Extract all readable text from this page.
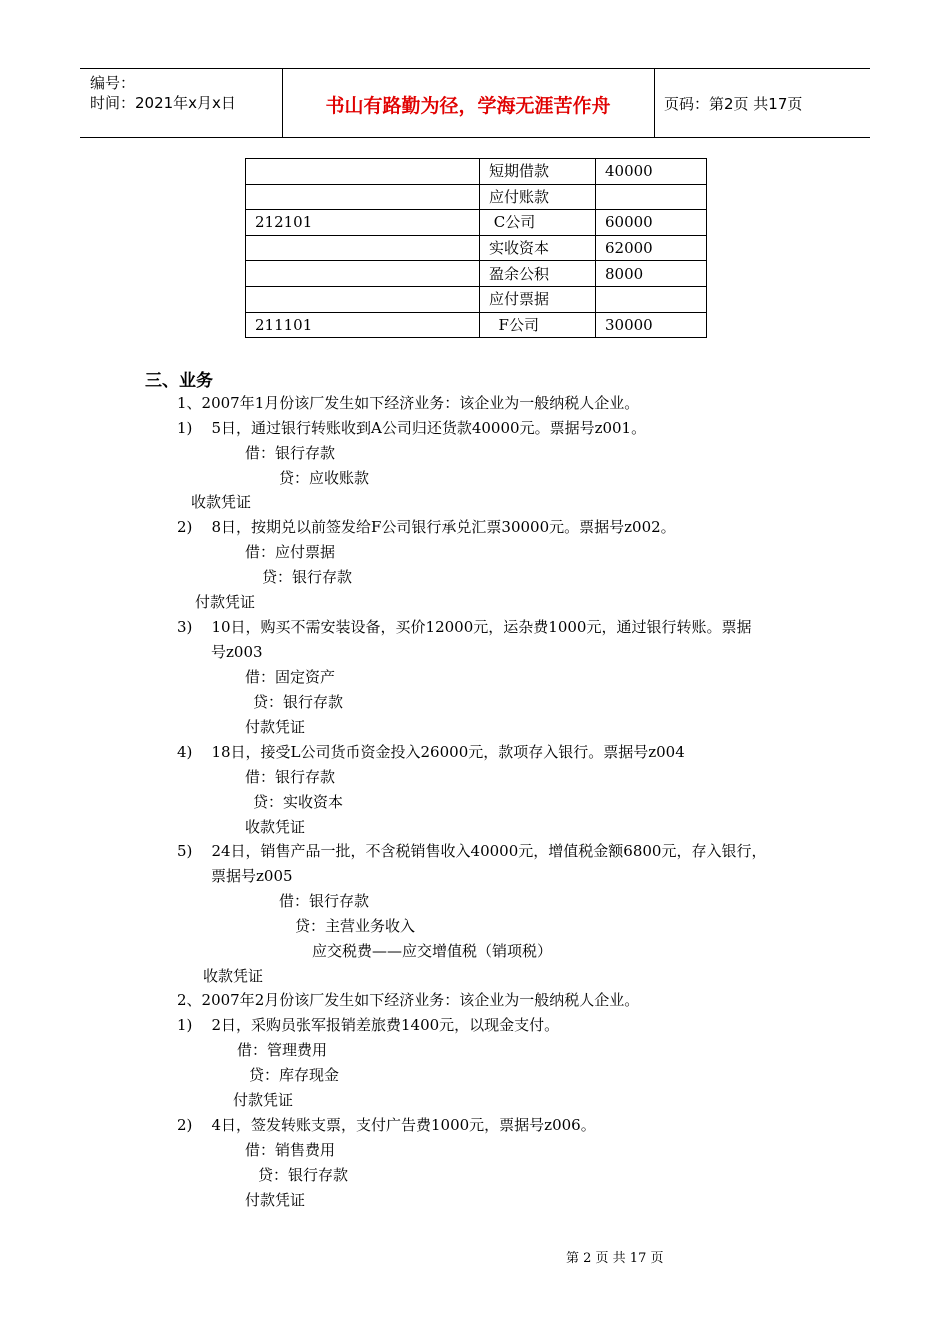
编号：
时间：2021年x月x日	书山有路勤为径，学海无涯苦作舟	页码：第2页 共17页
	短期借款	40000
	应付账款	
212101	C公司	60000
	实收资本	62000
	盈余公积	8000
	应付票据	
211101	F公司	30000
三、业务
1、2007年1月份该厂发生如下经济业务：该企业为一般纳税人企业。
1)    5日，通过银行转账收到A公司归还货款40000元。票据号z001。
借：银行存款
贷：应收账款
收款凭证
2)    8日，按期兑以前签发给F公司银行承兑汇票30000元。票据号z002。
借：应付票据
贷：银行存款
付款凭证
3)    10日，购买不需安装设备，买价12000元，运杂费1000元，通过银行转账。票据
号z003
借：固定资产
贷：银行存款
付款凭证
4)    18日，接受L公司货币资金投入26000元，款项存入银行。票据号z004
借：银行存款
贷：实收资本
收款凭证
5)    24日，销售产品一批，不含税销售收入40000元，增值税金额6800元，存入银行，
票据号z005
借：银行存款
贷：主营业务收入
应交税费——应交增值税（销项税）
收款凭证
2、2007年2月份该厂发生如下经济业务：该企业为一般纳税人企业。
1)    2日，采购员张军报销差旅费1400元，以现金支付。
借：管理费用
贷：库存现金
付款凭证
2)    4日，签发转账支票，支付广告费1000元，票据号z006。
借：销售费用
贷：银行存款
付款凭证
第 2 页 共 17 页
